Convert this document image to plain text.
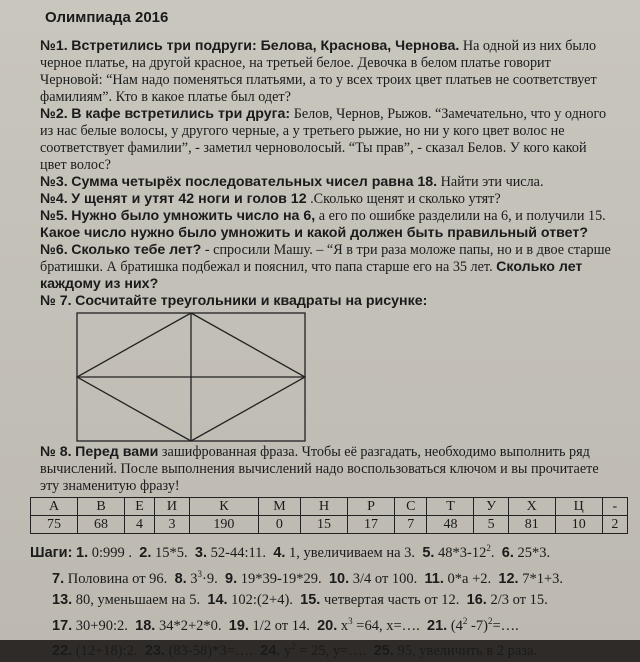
Олимпиада 2016
№1. Встретились три подруги: Белова, Краснова, Чернова. На одной из них было черное платье, на другой красное, на третьей белое. Девочка в белом платье говорит Черновой: “Нам надо поменяться платьями, а то у всех троих цвет платьев не соответствует фамилиям”. Кто в какое платье был одет?
№2. В кафе встретились три друга: Белов, Чернов, Рыжов. “Замечательно, что у одного из нас белые волосы, у другого черные, а у третьего рыжие, но ни у кого цвет волос не соответствует фамилии”, - заметил черноволосый. “Ты прав”, - сказал Белов. У кого какой цвет волос?
№3. Сумма четырёх последовательных чисел равна 18. Найти эти числа.
№4. У щенят и утят 42 ноги и голов 12 .Сколько щенят и сколько утят?
№5. Нужно было умножить число на 6, а его по ошибке разделили на 6, и получили 15. Какое число нужно было умножить и какой должен быть правильный ответ?
№6. Сколько тебе лет? - спросили Машу. – “Я в три раза моложе папы, но и в двое старше братишки. А братишка подбежал и пояснил, что папа старше его на 35 лет. Сколько лет каждому из них?
№ 7. Сосчитайте треугольники и квадраты на рисунке:
№ 8. Перед вами зашифрованная фраза. Чтобы её разгадать, необходимо выполнить ряд вычислений. После выполнения вычислений надо воспользоваться ключом и вы прочитаете эту знаменитую фразу!
А	В	Е	И	К	М	Н	Р	С	Т	У	Х	Ц	-
75	68	4	3	190	0	15	17	7	48	5	81	10	2
Шаги: 1. 0:999 . 2. 15*5. 3. 52-44:11. 4. 1, увеличиваем на 3. 5. $48*3-12^2$. 6. 25*3.
7. Половина от 96. 8. $3^3\cdot 9$. 9. 19*39-19*29. 10. 3/4 от 100. 11. 0*а +2. 12. 7*1+3.
13. 80, уменьшаем на 5. 14. 102:(2+4). 15. четвертая часть от 12. 16. 2/3 от 15.
17. 30+90:2. 18. 34*2+2*0. 19. 1/2 от 14. 20. $x^3 =64$, x=…. 21. ($4^2$ -7)$^2$=….
22. (12+18):2. 23. (83-58)*3=…. 24. $y^2 = 25$, y=…. 25. 95, увеличить в 2 раза.
